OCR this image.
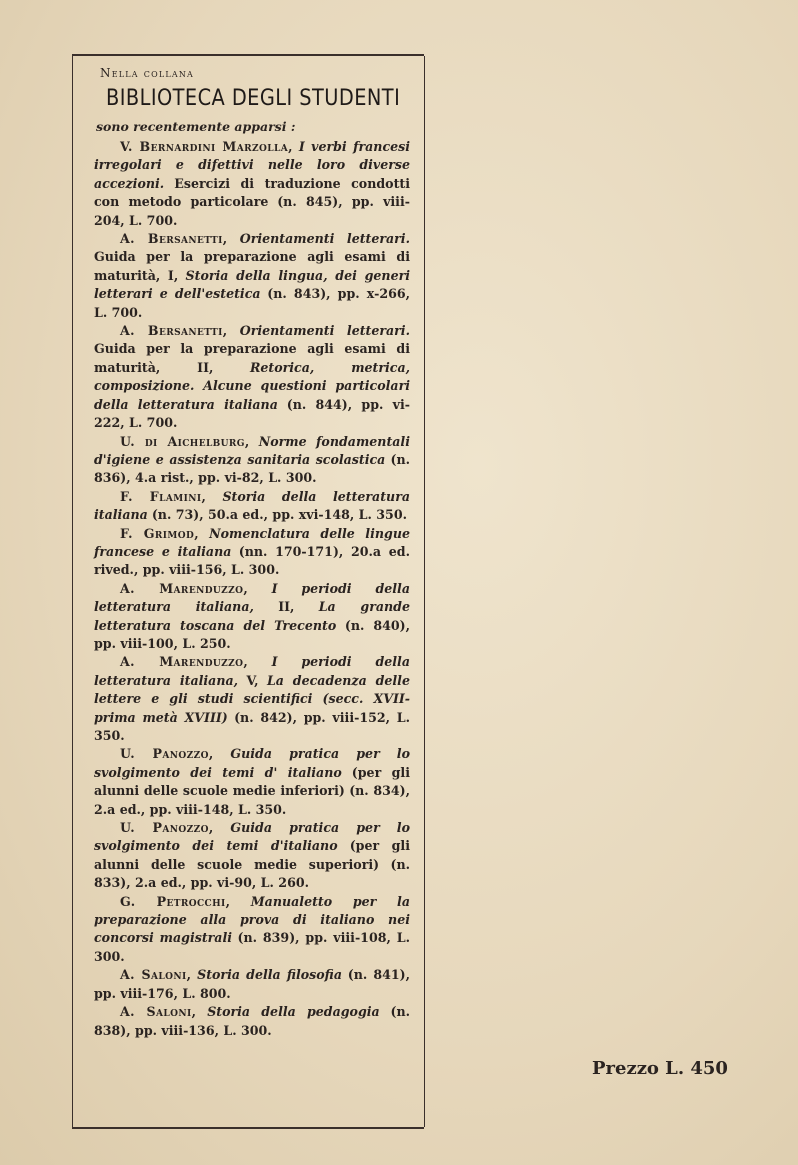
Nella collana
BIBLIOTECA DEGLI STUDENTI
sono recentemente apparsi :

V. Bernardini Marzolla, I verbi francesi irregolari e difettivi nelle loro diverse accezioni. Esercizi di traduzione condotti con metodo particolare (n. 845), pp. viii-204, L. 700.

A. Bersanetti, Orientamenti letterari. Guida per la preparazione agli esami di maturità, I, Storia della lingua, dei generi letterari e dell'estetica (n. 843), pp. x-266, L. 700.

A. Bersanetti, Orientamenti letterari. Guida per la preparazione agli esami di maturità, II,	Retorica, metrica, composizione. Alcune questioni particolari della letteratura italiana (n. 844), pp. vi-222, L. 700.

U. di Aichelburg, Norme fondamentali d'igiene e assistenza sanitaria scolastica (n. 836), 4.a rist., pp. vi-82, L. 300.

F. Flamini, Storia della letteratura italiana (n. 73), 50.a ed., pp. xvi-148, L. 350.

F. Grimod, Nomenclatura delle lingue francese e italiana (nn. 170-171), 20.a ed. rived., pp. viii-156, L. 300.

A. Marenduzzo, I periodi della letteratura italiana, II, La grande letteratura toscana del Trecento (n. 840), pp. viii-100, L. 250.

A. Marenduzzo, I periodi della letteratura italiana, V, La decadenza delle lettere e gli studi scientifici (secc. XVII-prima metà XVIII) (n. 842), pp. viii-152, L. 350.

U. Panozzo, Guida pratica per lo svolgimento dei temi d' italiano (per gli alunni delle scuole medie inferiori) (n. 834), 2.a ed., pp. viii-148, L. 350.

U. Panozzo, Guida pratica per lo svolgimento dei temi d'italiano (per gli alunni delle scuole medie superiori) (n. 833), 2.a ed., pp. vi-90, L. 260.

G. Petrocchi, Manualetto per la preparazione alla prova di italiano nei concorsi magistrali (n. 839), pp. viii-108, L. 300.

A. Saloni, Storia della filosofia (n. 841), pp. viii-176, L. 800.

A. Saloni, Storia della pedagogia (n. 838), pp. viii-136, L. 300.

Prezzo L. 450
